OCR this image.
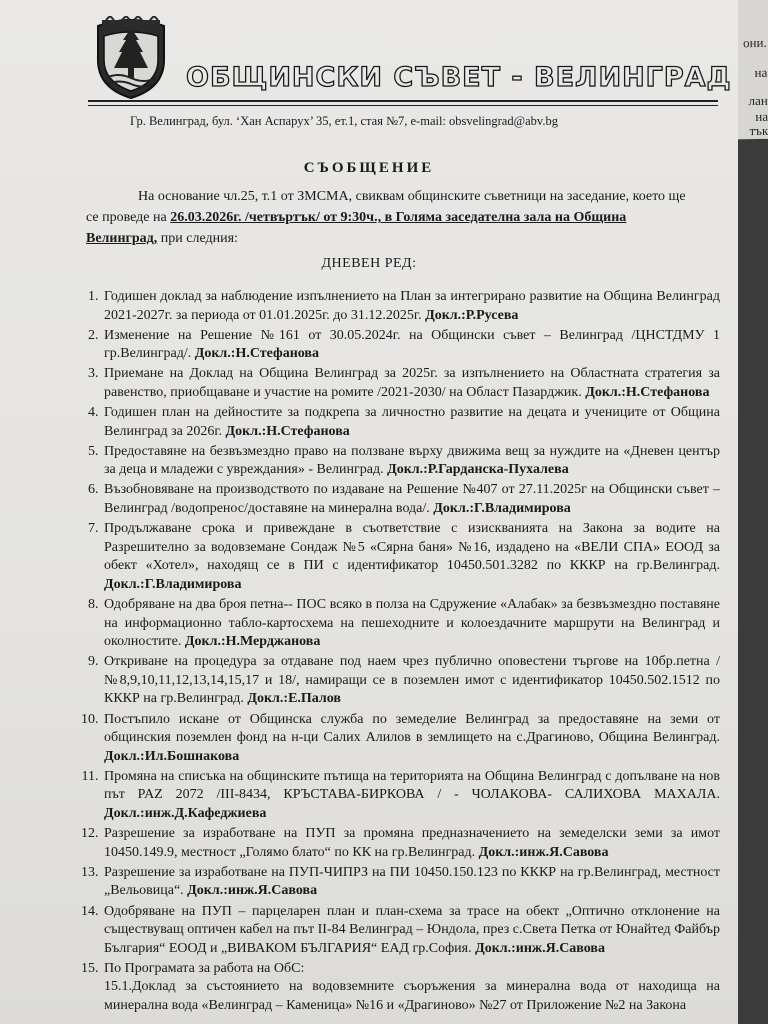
они.
на
лан
на
тък
ОБЩИНСКИ СЪВЕТ - ВЕЛИНГРАД
Гр. Велинград, бул. ‘Хан Аспарух’ 35, ет.1, стая №7, e-mail: obsvelingrad@abv.bg
СЪОБЩЕНИЕ
На основание чл.25, т.1 от ЗМСМА, свиквам общинските съветници на заседание, което ще се проведе на 26.03.2026г. /четвъртък/ от 9:30ч., в Голяма заседателна зала на Община Велинград, при следния:
ДНЕВЕН РЕД:
1. Годишен доклад за наблюдение изпълнението на План за интегрирано развитие на Община Велинград 2021-2027г. за периода от 01.01.2025г. до 31.12.2025г. Докл.:Р.Русева
2. Изменение на Решение №161 от 30.05.2024г. на Общински съвет – Велинград /ЦНСТДМУ 1 гр.Велинград/. Докл.:Н.Стефанова
3. Приемане на Доклад на Община Велинград за 2025г. за изпълнението на Областната стратегия за равенство, приобщаване и участие на ромите /2021-2030/ на Област Пазарджик. Докл.:Н.Стефанова
4. Годишен план на дейностите за подкрепа за личностно развитие на децата и учениците от Община Велинград за 2026г. Докл.:Н.Стефанова
5. Предоставяне на безвъзмездно право на ползване върху движима вещ за нуждите на «Дневен център за деца и младежи с увреждания» - Велинград. Докл.:Р.Гарданска-Пухалева
6. Възобновяване на производството по издаване на Решение №407 от 27.11.2025г на Общински съвет – Велинград /водопренос/доставяне на минерална вода/. Докл.:Г.Владимирова
7. Продължаване срока и привеждане в съответствие с изискванията на Закона за водите на Разрешително за водовземане Сондаж №5 «Сярна баня» №16, издадено на «ВЕЛИ СПА» ЕООД за обект «Хотел», находящ се в ПИ с идентификатор 10450.501.3282 по КККР на гр.Велинград. Докл.:Г.Владимирова
8. Одобряване на два броя петна-- ПОС всяко в полза на Сдружение «Алабак» за безвъзмездно поставяне на информационно табло-картосхема на пешеходните и колоездачните маршрути на Велинград и околностите. Докл.:Н.Мерджанова
9. Откриване на процедура за отдаване под наем чрез публично оповестени търгове на 10бр.петна /№8,9,10,11,12,13,14,15,17 и 18/, намиращи се в поземлен имот с идентификатор 10450.502.1512 по КККР на гр.Велинград. Докл.:Е.Палов
10. Постъпило искане от Общинска служба по земеделие Велинград за предоставяне на земи от общинския поземлен фонд на н-ци Салих Алилов в землището на с.Драгиново, Община Велинград. Докл.:Ил.Бошнакова
11. Промяна на списъка на общинските пътища на територията на Община Велинград с допълване на нов път PAZ 2072 /III-8434, КРЪСТАВА-БИРКОВА / - ЧОЛАКОВА- САЛИХОВА МАХАЛА. Докл.:инж.Д.Кафеджиева
12. Разрешение за изработване на ПУП за промяна предназначението на земеделски земи за имот 10450.149.9, местност „Голямо блато“ по КК на гр.Велинград. Докл.:инж.Я.Савова
13. Разрешение за изработване на ПУП-ЧИПРЗ на ПИ 10450.150.123 по КККР на гр.Велинград, местност „Вельовица“. Докл.:инж.Я.Савова
14. Одобряване на ПУП – парцеларен план и план-схема за трасе на обект „Оптично отклонение на съществуващ оптичен кабел на път II-84 Велинград – Юндола, през с.Света Петка от Юнайтед Файбър България“ ЕООД и „ВИВАКОМ БЪЛГАРИЯ“ ЕАД гр.София. Докл.:инж.Я.Савова
15. По Програмата за работа на ОбС:
15.1.Доклад за състоянието на водовземните съоръжения за минерална вода от находища на минерална вода «Велинград – Каменица» №16 и «Драгиново» №27 от Приложение №2 на Закона
